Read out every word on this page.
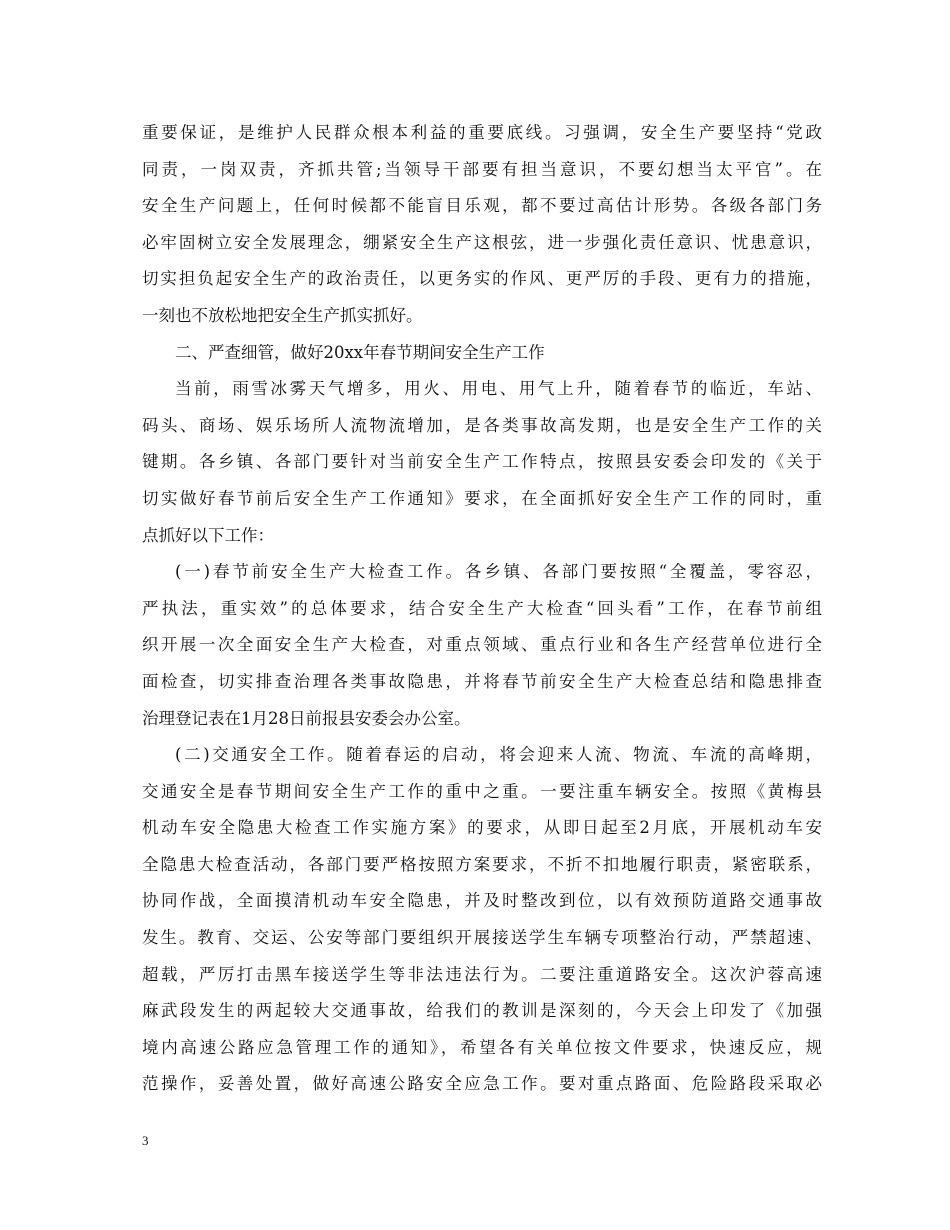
重要保证，是维护人民群众根本利益的重要底线。习强调，安全生产要坚持“党政
同责，一岗双责，齐抓共管;当领导干部要有担当意识，不要幻想当太平官”。在
安全生产问题上，任何时候都不能盲目乐观，都不要过高估计形势。各级各部门务
必牢固树立安全发展理念，绷紧安全生产这根弦，进一步强化责任意识、忧患意识，
切实担负起安全生产的政治责任，以更务实的作风、更严厉的手段、更有力的措施，
一刻也不放松地把安全生产抓实抓好。
二、严查细管，做好20xx年春节期间安全生产工作
当前，雨雪冰雾天气增多，用火、用电、用气上升，随着春节的临近，车站、
码头、商场、娱乐场所人流物流增加，是各类事故高发期，也是安全生产工作的关
键期。各乡镇、各部门要针对当前安全生产工作特点，按照县安委会印发的《关于
切实做好春节前后安全生产工作通知》要求，在全面抓好安全生产工作的同时，重
点抓好以下工作：
(一)春节前安全生产大检查工作。各乡镇、各部门要按照“全覆盖，零容忍，
严执法，重实效”的总体要求，结合安全生产大检查“回头看”工作，在春节前组
织开展一次全面安全生产大检查，对重点领域、重点行业和各生产经营单位进行全
面检查，切实排查治理各类事故隐患，并将春节前安全生产大检查总结和隐患排查
治理登记表在1月28日前报县安委会办公室。
(二)交通安全工作。随着春运的启动，将会迎来人流、物流、车流的高峰期，
交通安全是春节期间安全生产工作的重中之重。一要注重车辆安全。按照《黄梅县
机动车安全隐患大检查工作实施方案》的要求，从即日起至2月底，开展机动车安
全隐患大检查活动，各部门要严格按照方案要求，不折不扣地履行职责，紧密联系，
协同作战，全面摸清机动车安全隐患，并及时整改到位，以有效预防道路交通事故
发生。教育、交运、公安等部门要组织开展接送学生车辆专项整治行动，严禁超速、
超载，严厉打击黑车接送学生等非法违法行为。二要注重道路安全。这次沪蓉高速
麻武段发生的两起较大交通事故，给我们的教训是深刻的，今天会上印发了《加强
境内高速公路应急管理工作的通知》，希望各有关单位按文件要求，快速反应，规
范操作，妥善处置，做好高速公路安全应急工作。要对重点路面、危险路段采取必
3
